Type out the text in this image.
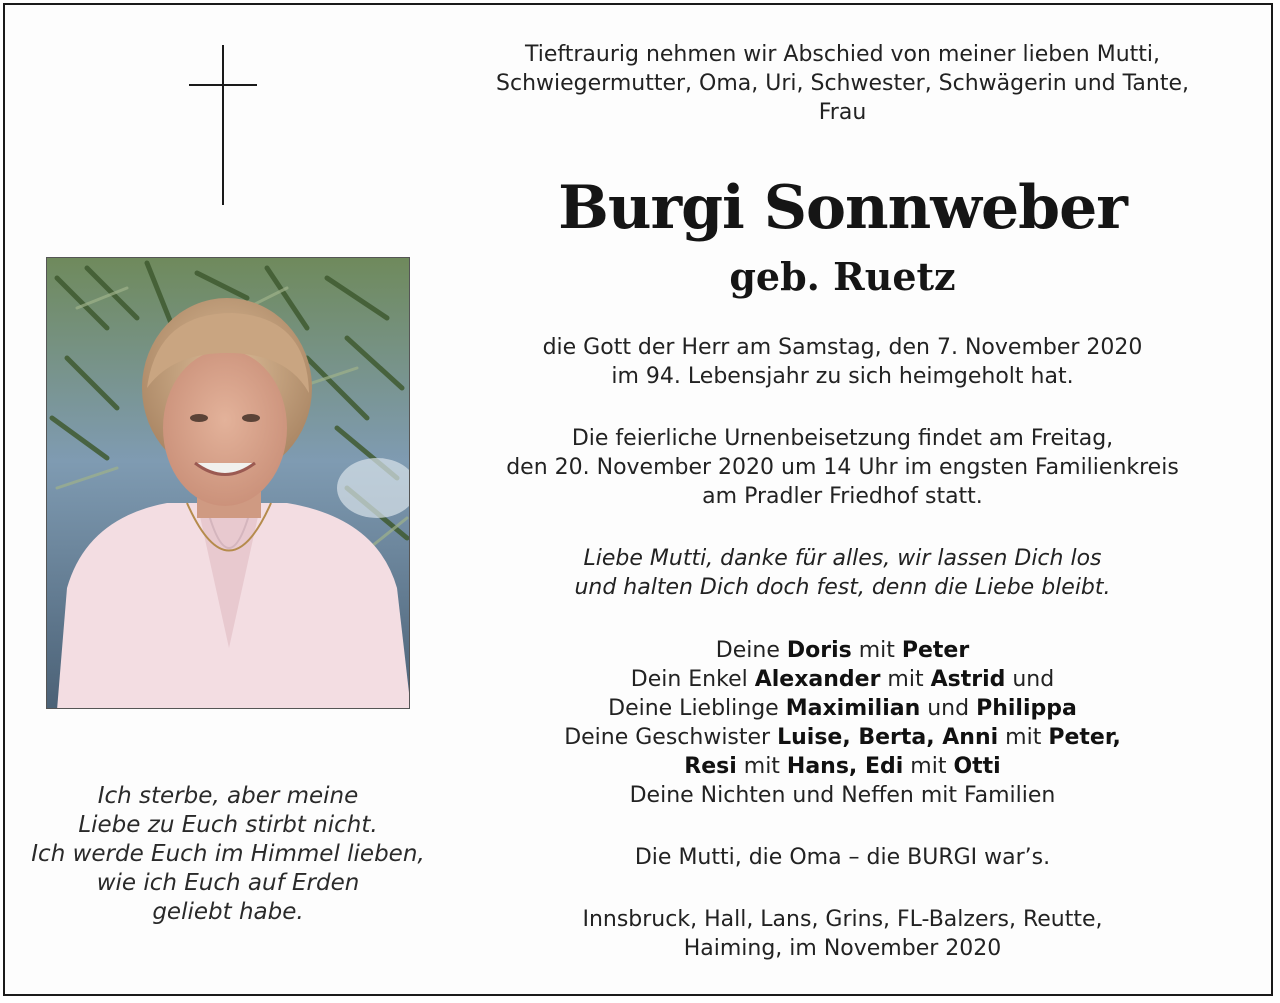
Ich sterbe, aber meine
Liebe zu Euch stirbt nicht.
Ich werde Euch im Himmel lieben,
wie ich Euch auf Erden
geliebt habe.
Tieftraurig nehmen wir Abschied von meiner lieben Mutti,
Schwiegermutter, Oma, Uri, Schwester, Schwägerin und Tante,
Frau
Burgi Sonnweber
geb. Ruetz
die Gott der Herr am Samstag, den 7. November 2020
im 94. Lebensjahr zu sich heimgeholt hat.
Die feierliche Urnenbeisetzung findet am Freitag,
den 20. November 2020 um 14 Uhr im engsten Familienkreis
am Pradler Friedhof statt.
Liebe Mutti, danke für alles, wir lassen Dich los
und halten Dich doch fest, denn die Liebe bleibt.
Deine Doris mit Peter
Dein Enkel Alexander mit Astrid und
Deine Lieblinge Maximilian und Philippa
Deine Geschwister Luise, Berta, Anni mit Peter,
Resi mit Hans, Edi mit Otti
Deine Nichten und Neffen mit Familien
Die Mutti, die Oma – die BURGI war’s.
Innsbruck, Hall, Lans, Grins, FL-Balzers, Reutte,
Haiming, im November 2020
